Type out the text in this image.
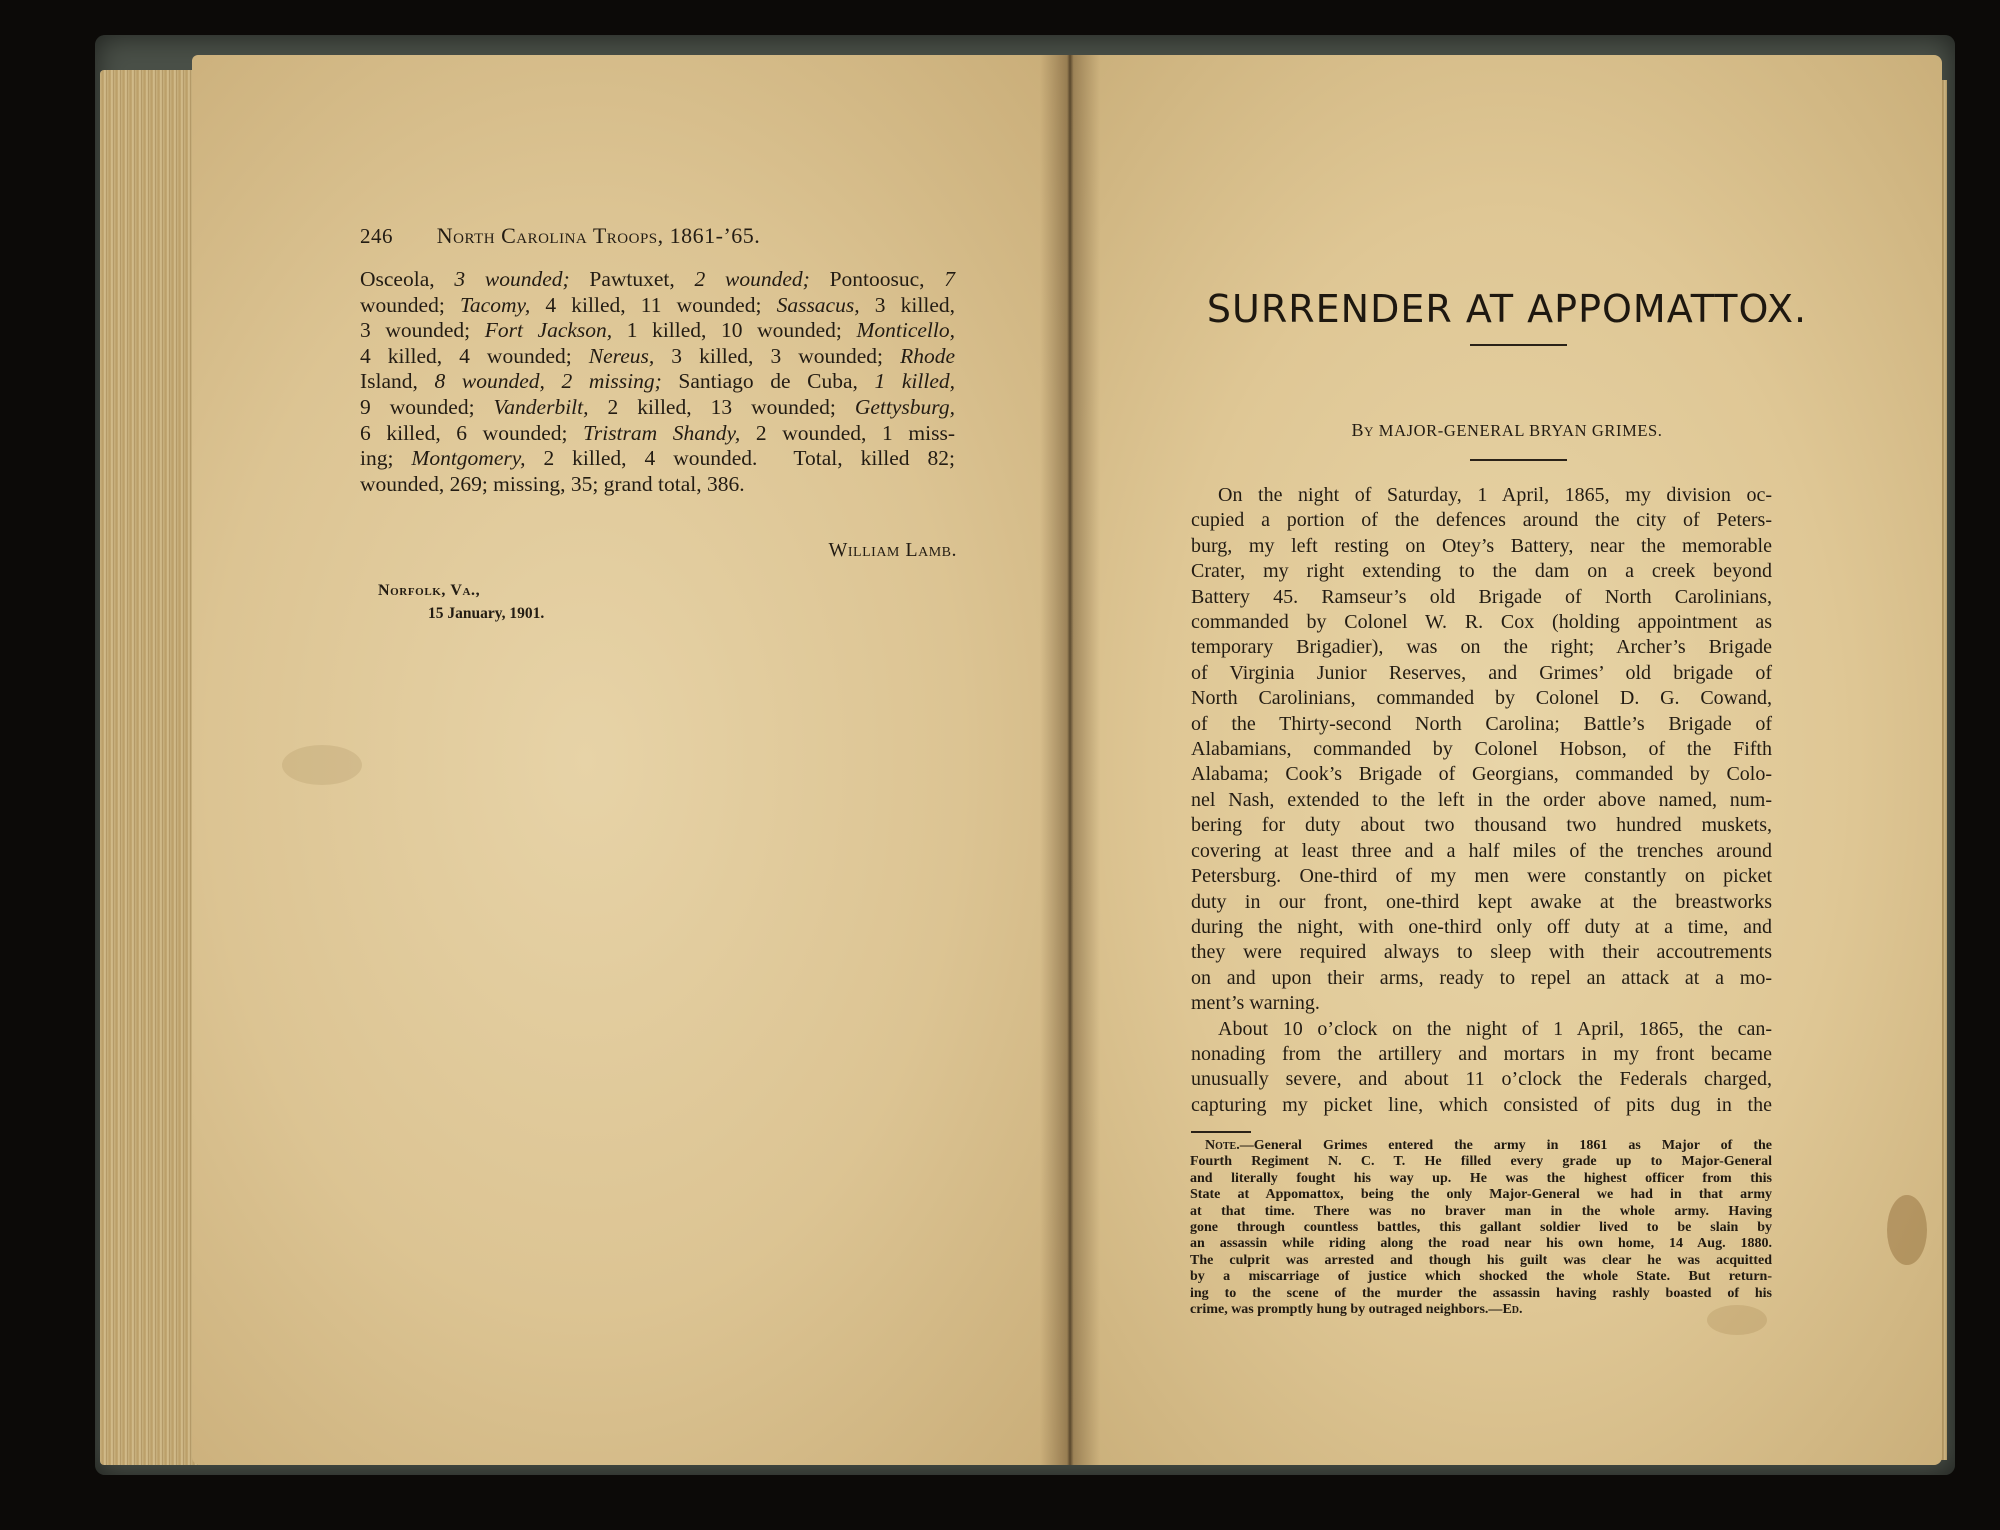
246 North Carolina Troops, 1861-’65.
Osceola, 3 wounded; Pawtuxet, 2 wounded; Pontoosuc, 7
wounded; Tacomy, 4 killed, 11 wounded; Sassacus, 3 killed,
3 wounded; Fort Jackson, 1 killed, 10 wounded; Monticello,
4 killed, 4 wounded; Nereus, 3 killed, 3 wounded; Rhode
Island, 8 wounded, 2 missing; Santiago de Cuba, 1 killed,
9 wounded; Vanderbilt, 2 killed, 13 wounded; Gettysburg,
6 killed, 6 wounded; Tristram Shandy, 2 wounded, 1 miss-
ing; Montgomery, 2 killed, 4 wounded.  Total, killed 82;
wounded, 269; missing, 35; grand total, 386.
William Lamb.
Norfolk, Va.,
15 January, 1901.
SURRENDER AT APPOMATTOX.
By MAJOR-GENERAL BRYAN GRIMES.
On the night of Saturday, 1 April, 1865, my division oc-
cupied a portion of the defences around the city of Peters-
burg, my left resting on Otey’s Battery, near the memorable
Crater, my right extending to the dam on a creek beyond
Battery 45. Ramseur’s old Brigade of North Carolinians,
commanded by Colonel W. R. Cox (holding appointment as
temporary Brigadier), was on the right; Archer’s Brigade
of Virginia Junior Reserves, and Grimes’ old brigade of
North Carolinians, commanded by Colonel D. G. Cowand,
of the Thirty-second North Carolina; Battle’s Brigade of
Alabamians, commanded by Colonel Hobson, of the Fifth
Alabama; Cook’s Brigade of Georgians, commanded by Colo-
nel Nash, extended to the left in the order above named, num-
bering for duty about two thousand two hundred muskets,
covering at least three and a half miles of the trenches around
Petersburg. One-third of my men were constantly on picket
duty in our front, one-third kept awake at the breastworks
during the night, with one-third only off duty at a time, and
they were required always to sleep with their accoutrements
on and upon their arms, ready to repel an attack at a mo-
ment’s warning.
About 10 o’clock on the night of 1 April, 1865, the can-
nonading from the artillery and mortars in my front became
unusually severe, and about 11 o’clock the Federals charged,
capturing my picket line, which consisted of pits dug in the
Note.—General Grimes entered the army in 1861 as Major of the
Fourth Regiment N. C. T. He filled every grade up to Major-General
and literally fought his way up. He was the highest officer from this
State at Appomattox, being the only Major-General we had in that army
at that time. There was no braver man in the whole army. Having
gone through countless battles, this gallant soldier lived to be slain by
an assassin while riding along the road near his own home, 14 Aug. 1880.
The culprit was arrested and though his guilt was clear he was acquitted
by a miscarriage of justice which shocked the whole State. But return-
ing to the scene of the murder the assassin having rashly boasted of his
crime, was promptly hung by outraged neighbors.—Ed.
